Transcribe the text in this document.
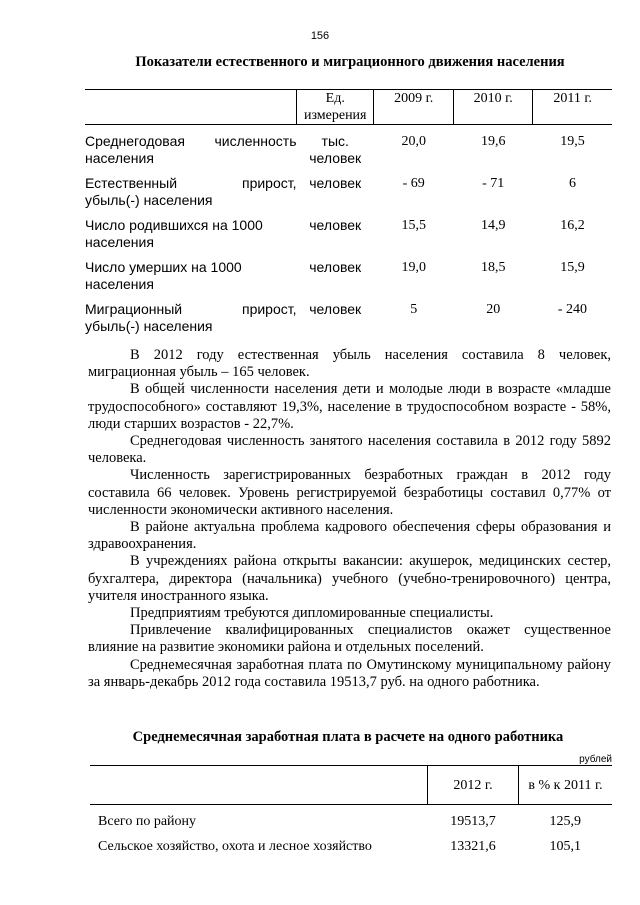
156
Показатели естественного и миграционного движения населения
	Ед. измерения	2009 г.	2010 г.	2011 г.

Среднегодовая численность
населения	тыс. человек	20,0	19,6	19,5

Естественный прирост,
убыль(-) населения	человек	- 69	- 71	6

Число родившихся на 1000
населения	человек	15,5	14,9	16,2

Число умерших на 1000
населения	человек	19,0	18,5	15,9

Миграционный прирост,
убыль(-) населения	человек	5	20	- 240

В 2012 году естественная убыль населения составила 8 человек, миграционная убыль – 165 человек.

В общей численности населения дети и молодые люди в возрасте «младше трудоспособного» составляют 19,3%, население в трудоспособном возрасте - 58%, люди старших возрастов - 22,7%.

Среднегодовая численность занятого населения составила в 2012 году 5892 человека.

Численность зарегистрированных безработных граждан в 2012 году составила 66 человек. Уровень регистрируемой безработицы составил 0,77% от численности экономически активного населения.

В районе актуальна проблема кадрового обеспечения сферы образования и здравоохранения.

В учреждениях района открыты вакансии: акушерок, медицинских сестер, бухгалтера, директора (начальника) учебного (учебно-тренировочного) центра, учителя иностранного языка.

Предприятиям требуются дипломированные специалисты.

Привлечение квалифицированных специалистов окажет существенное влияние на развитие экономики района и отдельных поселений.

Среднемесячная заработная плата по Омутинскому муниципальному району за январь-декабрь 2012 года составила 19513,7 руб. на одного работника.

Среднемесячная заработная плата в расчете на одного работника
рублей
	2012 г.	в % к 2011 г.
Всего по району	19513,7	125,9
Сельское хозяйство, охота и лесное хозяйство	13321,6	105,1
